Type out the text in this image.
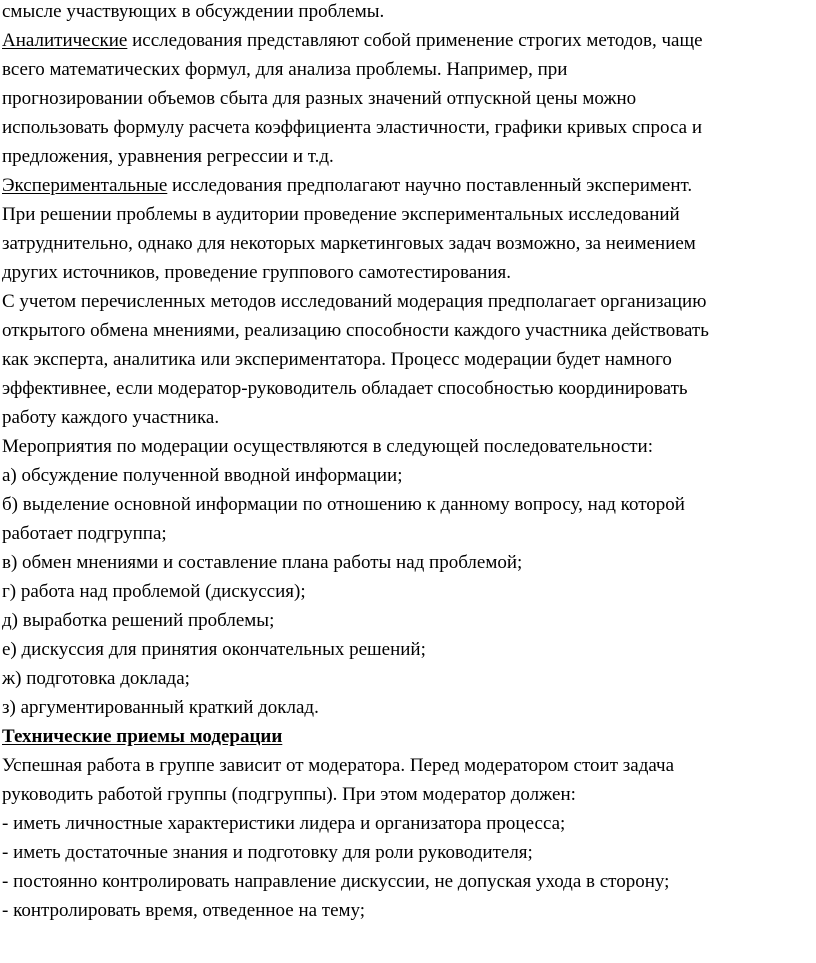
смысле участвующих в обсуждении проблемы.
Аналитические исследования представляют собой применение строгих методов, чаще
всего математических формул, для анализа проблемы. Например, при
прогнозировании объемов сбыта для разных значений отпускной цены можно
использовать формулу расчета коэффициента эластичности, графики кривых спроса и
предложения, уравнения регрессии и т.д.
Экспериментальные исследования предполагают научно поставленный эксперимент.
При решении проблемы в аудитории проведение экспериментальных исследований
затруднительно, однако для некоторых маркетинговых задач возможно, за неимением
других источников, проведение группового самотестирования.
С учетом перечисленных методов исследований модерация предполагает организацию
открытого обмена мнениями, реализацию способности каждого участника действовать
как эксперта, аналитика или экспериментатора. Процесс модерации будет намного
эффективнее, если модератор-руководитель обладает способностью координировать
работу каждого участника.
Мероприятия по модерации осуществляются в следующей последовательности:
а) обсуждение полученной вводной информации;
б) выделение основной информации по отношению к данному вопросу, над которой
работает подгруппа;
в) обмен мнениями и составление плана работы над проблемой;
г) работа над проблемой (дискуссия);
д) выработка решений проблемы;
е) дискуссия для принятия окончательных решений;
ж) подготовка доклада;
з) аргументированный краткий доклад.
Технические приемы модерации
Успешная работа в группе зависит от модератора. Перед модератором стоит задача
руководить работой группы (подгруппы). При этом модератор должен:
- иметь личностные характеристики лидера и организатора процесса;
- иметь достаточные знания и подготовку для роли руководителя;
- постоянно контролировать направление дискуссии, не допуская ухода в сторону;
- контролировать время, отведенное на тему;
